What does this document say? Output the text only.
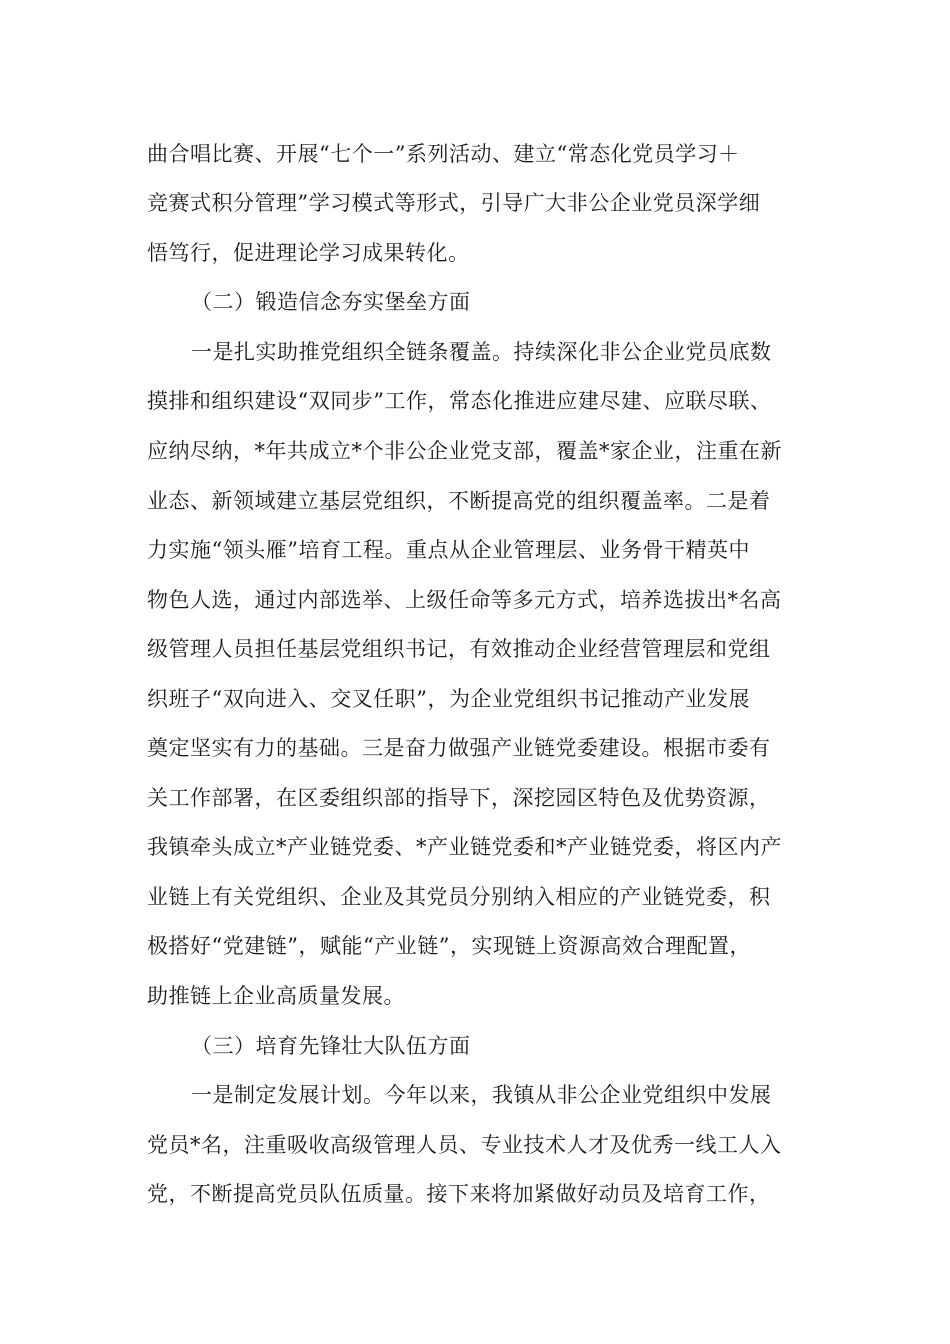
曲合唱比赛、开展“七个一”系列活动、建立“常态化党员学习＋
竞赛式积分管理”学习模式等形式，引导广大非公企业党员深学细
悟笃行，促进理论学习成果转化。
（二）锻造信念夯实堡垒方面
一是扎实助推党组织全链条覆盖。持续深化非公企业党员底数
摸排和组织建设“双同步”工作，常态化推进应建尽建、应联尽联、
应纳尽纳，*年共成立*个非公企业党支部，覆盖*家企业，注重在新
业态、新领域建立基层党组织，不断提高党的组织覆盖率。二是着
力实施“领头雁”培育工程。重点从企业管理层、业务骨干精英中
物色人选，通过内部选举、上级任命等多元方式，培养选拔出*名高
级管理人员担任基层党组织书记，有效推动企业经营管理层和党组
织班子“双向进入、交叉任职”，为企业党组织书记推动产业发展
奠定坚实有力的基础。三是奋力做强产业链党委建设。根据市委有
关工作部署，在区委组织部的指导下，深挖园区特色及优势资源，
我镇牵头成立*产业链党委、*产业链党委和*产业链党委，将区内产
业链上有关党组织、企业及其党员分别纳入相应的产业链党委，积
极搭好“党建链”，赋能“产业链”，实现链上资源高效合理配置，
助推链上企业高质量发展。
（三）培育先锋壮大队伍方面
一是制定发展计划。今年以来，我镇从非公企业党组织中发展
党员*名，注重吸收高级管理人员、专业技术人才及优秀一线工人入
党，不断提高党员队伍质量。接下来将加紧做好动员及培育工作，
